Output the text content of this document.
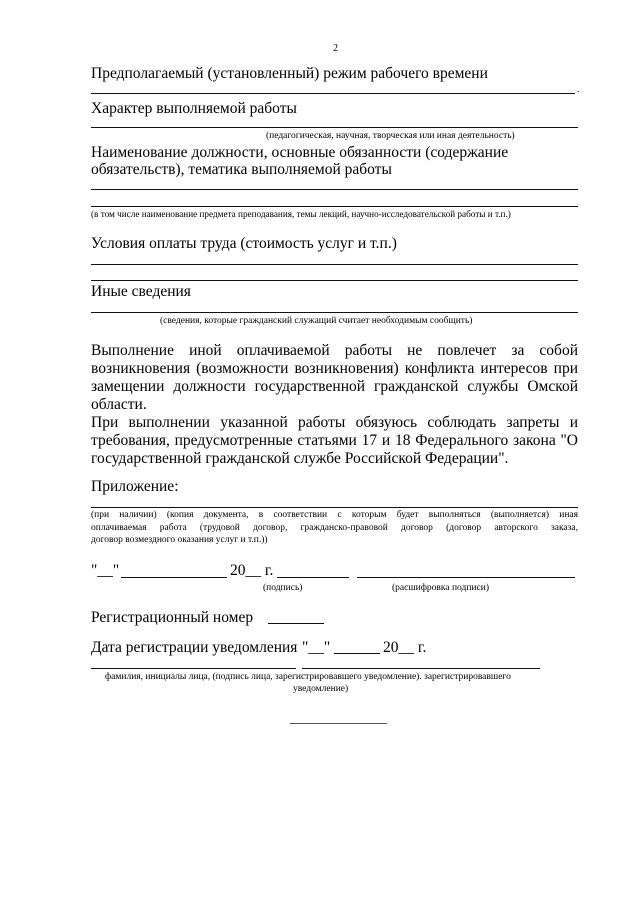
2
Предполагаемый (установленный) режим рабочего времени
.
Характер выполняемой работы
(педагогическая, научная, творческая или иная деятельность)
Наименование должности, основные обязанности (содержание
обязательств), тематика выполняемой работы
(в том числе наименование предмета преподавания, темы лекций, научно-исследовательской работы и т.п.)
Условия оплаты труда (стоимость услуг и т.п.)
Иные сведения
(сведения, которые гражданский служащий считает необходимым сообщить)
Выполнение иной оплачиваемой работы не повлечет за собой
возникновения (возможности возникновения) конфликта интересов при
замещении должности государственной гражданской службы Омской
области.
При выполнении указанной работы обязуюсь соблюдать запреты и
требования, предусмотренные статьями 17 и 18 Федерального закона "О
государственной гражданской службе Российской Федерации".
Приложение:
(при наличии) (копия документа, в соответствии с которым будет выполняться (выполняется) иная
оплачиваемая работа (трудовой договор, гражданско-правовой договор (договор авторского заказа,
договор возмездного оказания услуг и т.п.))
"__"	20__ г.
(подпись)	(расшифровка подписи)
Регистрационный номер
Дата регистрации уведомления "__"	20__ г.
фамилия, инициалы лица, (подпись лица, зарегистрировавшего уведомление). зарегистрировавшего
уведомление)
